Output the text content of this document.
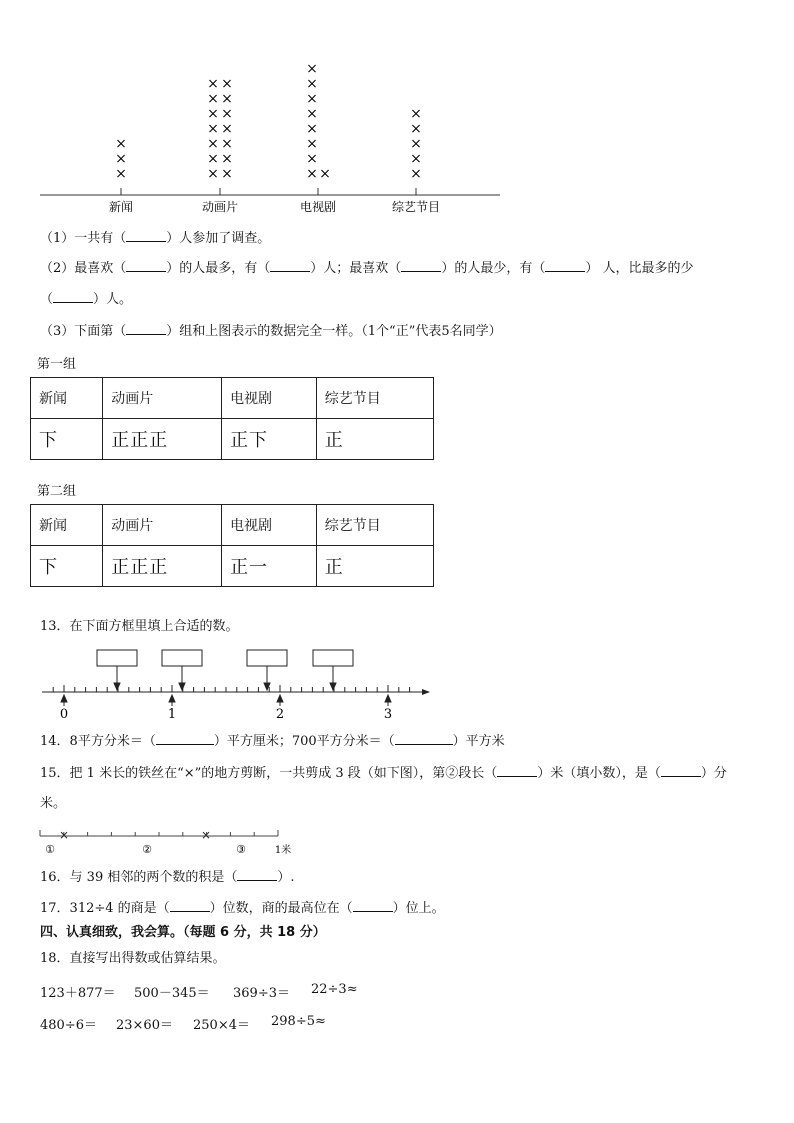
×
×
×
新闻
× ×
× ×
× ×
× ×
× ×
× ×
× ×
动画片
× ×
×
×
×
×
×
×
×
电视剧
×
×
×
×
×
综艺节目
（1）一共有（	）人参加了调查。
（2）最喜欢（	）的人最多，有（	）人；最喜欢（	）的人最少，有（	） 人，比最多的少
（	）人。
（3）下面第（	）组和上图表示的数据完全一样。（1个“正”代表5名同学）
第一组
新闻	动画片	电视剧	综艺节目
下	正正正	正下	正
第二组
新闻	动画片	电视剧	综艺节目
下	正正正	正一	正
13．在下面方框里填上合适的数。
0	1	2	3
14．8平方分米＝（	）平方厘米；700平方分米＝（	）平方米
15．把 1 米长的铁丝在“×”的地方剪断，一共剪成 3 段（如下图），第②段长（	）米（填小数），是（	）分
米。
×	×
①	②	③	1米
16．与 39 相邻的两个数的积是（	）.
17．312÷4 的商是（	）位数，商的最高位在（	）位上。
四、认真细致，我会算。（每题 6 分，共 18 分）
18．直接写出得数或估算结果。
123＋877＝ 500－345＝ 369÷3＝ 22÷3≈
480÷6＝ 23×60＝ 250×4＝ 298÷5≈
